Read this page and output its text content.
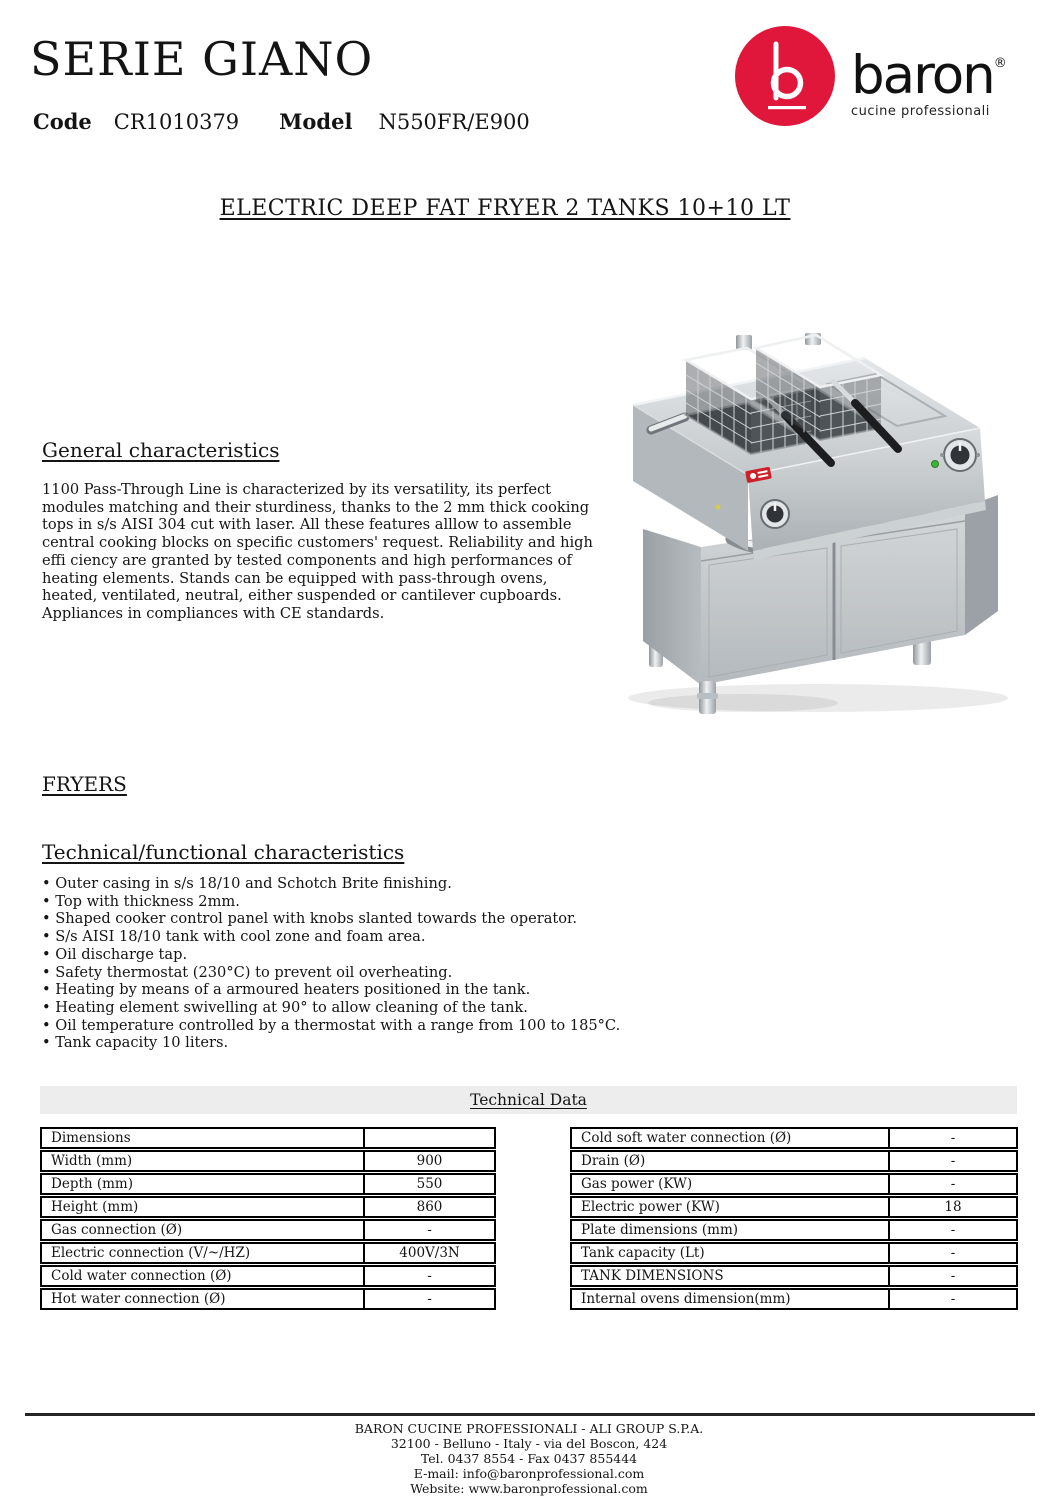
SERIE GIANO
Code CR1010379 Model N550FR/E900
baron®
cucine professionali
ELECTRIC DEEP FAT FRYER 2 TANKS 10+10 LT
General characteristics
1100 Pass-Through Line is characterized by its versatility, its perfect modules matching and their sturdiness, thanks to the 2 mm thick cooking tops in s/s AISI 304 cut with laser. All these features alllow to assemble central cooking blocks on specific customers' request. Reliability and high effi ciency are granted by tested components and high performances of heating elements. Stands can be equipped with pass-through ovens, heated, ventilated, neutral, either suspended or cantilever cupboards. Appliances in compliances with CE standards.
FRYERS
Technical/functional characteristics
• Outer casing in s/s 18/10 and Schotch Brite finishing.
• Top with thickness 2mm.
• Shaped cooker control panel with knobs slanted towards the operator.
• S/s AISI 18/10 tank with cool zone and foam area.
• Oil discharge tap.
• Safety thermostat (230°C) to prevent oil overheating.
• Heating by means of a armoured heaters positioned in the tank.
• Heating element swivelling at 90° to allow cleaning of the tank.
• Oil temperature controlled by a thermostat with a range from 100 to 185°C.
• Tank capacity 10 liters.
Technical Data
Dimensions
Width (mm)	900
Depth (mm)	550
Height (mm)	860
Gas connection (Ø)	-
Electric connection (V/~/HZ)	400V/3N
Cold water connection (Ø)	-
Hot water connection (Ø)	-
Cold soft water connection (Ø)	-
Drain (Ø)	-
Gas power (KW)	-
Electric power (KW)	18
Plate dimensions (mm)	-
Tank capacity (Lt)	-
TANK DIMENSIONS	-
Internal ovens dimension(mm)	-
BARON CUCINE PROFESSIONALI - ALI GROUP S.P.A.
32100 - Belluno - Italy - via del Boscon, 424
Tel. 0437 8554 - Fax 0437 855444
E-mail: info@baronprofessional.com
Website: www.baronprofessional.com
